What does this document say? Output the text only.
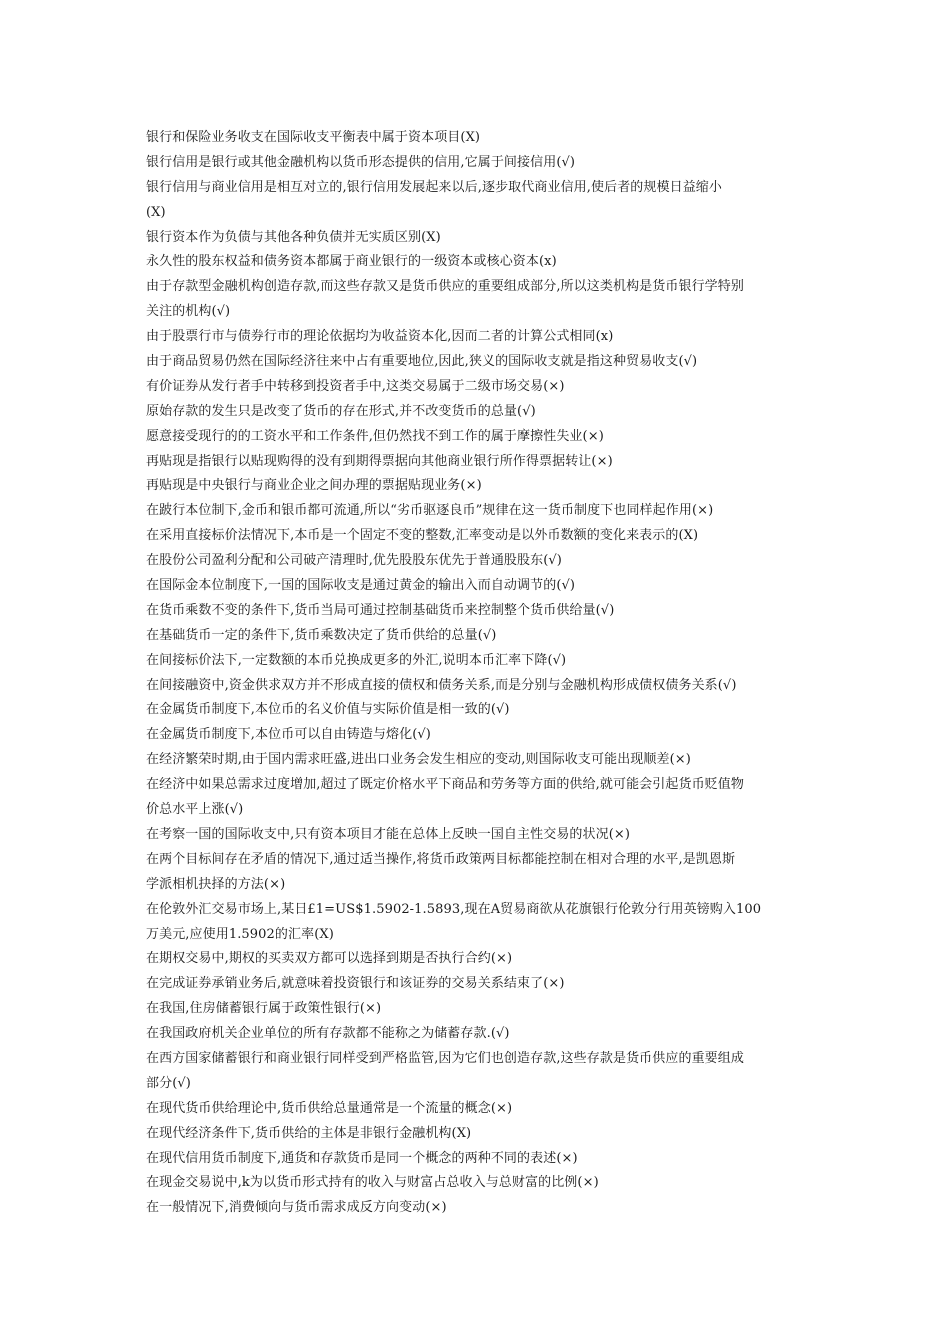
银行和保险业务收支在国际收支平衡表中属于资本项目(X)
银行信用是银行或其他金融机构以货币形态提供的信用,它属于间接信用(√)
银行信用与商业信用是相互对立的,银行信用发展起来以后,逐步取代商业信用,使后者的规模日益缩小
(X)
银行资本作为负债与其他各种负债并无实质区别(X)
永久性的股东权益和债务资本都属于商业银行的一级资本或核心资本(x)
由于存款型金融机构创造存款,而这些存款又是货币供应的重要组成部分,所以这类机构是货币银行学特别
关注的机构(√)
由于股票行市与债券行市的理论依据均为收益资本化,因而二者的计算公式相同(x)
由于商品贸易仍然在国际经济往来中占有重要地位,因此,狭义的国际收支就是指这种贸易收支(√)
有价证券从发行者手中转移到投资者手中,这类交易属于二级市场交易(×)
原始存款的发生只是改变了货币的存在形式,并不改变货币的总量(√)
愿意接受现行的的工资水平和工作条件,但仍然找不到工作的属于摩擦性失业(×)
再贴现是指银行以贴现购得的没有到期得票据向其他商业银行所作得票据转让(×)
再贴现是中央银行与商业企业之间办理的票据贴现业务(×)
在跛行本位制下,金币和银币都可流通,所以“劣币驱逐良币”规律在这一货币制度下也同样起作用(×)
在采用直接标价法情况下,本币是一个固定不变的整数,汇率变动是以外币数额的变化来表示的(X)
在股份公司盈利分配和公司破产清理时,优先股股东优先于普通股股东(√)
在国际金本位制度下,一国的国际收支是通过黄金的输出入而自动调节的(√)
在货币乘数不变的条件下,货币当局可通过控制基础货币来控制整个货币供给量(√)
在基础货币一定的条件下,货币乘数决定了货币供给的总量(√)
在间接标价法下,一定数额的本币兑换成更多的外汇,说明本币汇率下降(√)
在间接融资中,资金供求双方并不形成直接的债权和债务关系,而是分别与金融机构形成债权债务关系(√)
在金属货币制度下,本位币的名义价值与实际价值是相一致的(√)
在金属货币制度下,本位币可以自由铸造与熔化(√)
在经济繁荣时期,由于国内需求旺盛,进出口业务会发生相应的变动,则国际收支可能出现顺差(×)
在经济中如果总需求过度增加,超过了既定价格水平下商品和劳务等方面的供给,就可能会引起货币贬值物
价总水平上涨(√)
在考察一国的国际收支中,只有资本项目才能在总体上反映一国自主性交易的状况(×)
在两个目标间存在矛盾的情况下,通过适当操作,将货币政策两目标都能控制在相对合理的水平,是凯恩斯
学派相机抉择的方法(×)
在伦敦外汇交易市场上,某日£1=US$1.5902-1.5893,现在A贸易商欲从花旗银行伦敦分行用英镑购入100
万美元,应使用1.5902的汇率(X)
在期权交易中,期权的买卖双方都可以选择到期是否执行合约(×)
在完成证券承销业务后,就意味着投资银行和该证券的交易关系结束了(×)
在我国,住房储蓄银行属于政策性银行(×)
在我国政府机关企业单位的所有存款都不能称之为储蓄存款.(√)
在西方国家储蓄银行和商业银行同样受到严格监管,因为它们也创造存款,这些存款是货币供应的重要组成
部分(√)
在现代货币供给理论中,货币供给总量通常是一个流量的概念(×)
在现代经济条件下,货币供给的主体是非银行金融机构(X)
在现代信用货币制度下,通货和存款货币是同一个概念的两种不同的表述(×)
在现金交易说中,k为以货币形式持有的收入与财富占总收入与总财富的比例(×)
在一般情况下,消费倾向与货币需求成反方向变动(×)
